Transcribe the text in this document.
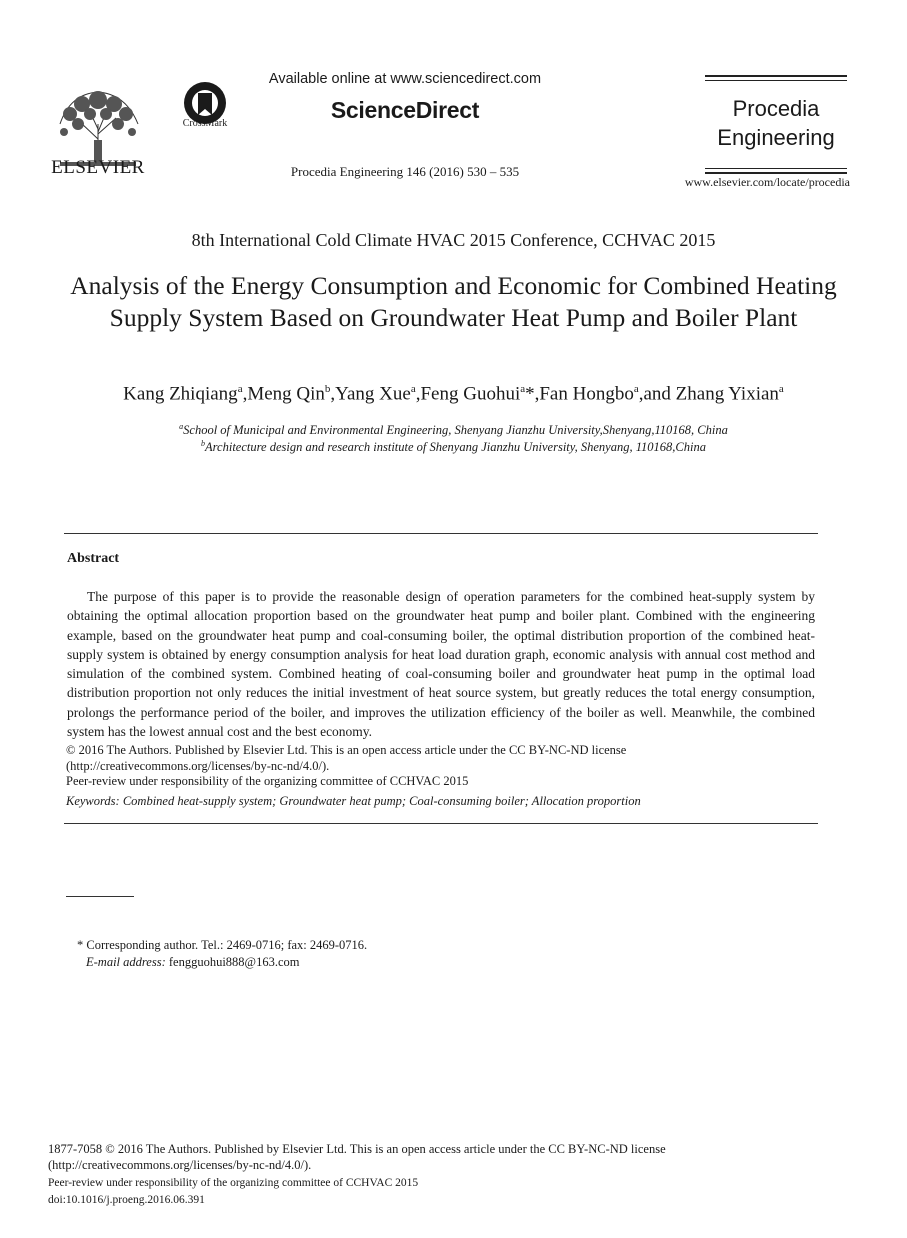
ELSEVIER
CrossMark
Available online at www.sciencedirect.com
ScienceDirect
Procedia Engineering 146 (2016) 530 – 535
Procedia
Engineering
www.elsevier.com/locate/procedia
8th International Cold Climate HVAC 2015 Conference, CCHVAC 2015
Analysis of the Energy Consumption and Economic for Combined Heating Supply System Based on Groundwater Heat Pump and Boiler Plant
Kang Zhiqiang$^a$,Meng Qin$^b$,Yang Xue$^a$,Feng Guohui$^a$*,Fan Hongbo$^a$,and Zhang Yixian$^a$
$^a$School of Municipal and Environmental Engineering, Shenyang Jianzhu University,Shenyang,110168, China
$^b$Architecture design and research institute of Shenyang Jianzhu University, Shenyang, 110168,China
Abstract

The purpose of this paper is to provide the reasonable design of operation parameters for the combined heat-supply system by obtaining the optimal allocation proportion based on the groundwater heat pump and boiler plant. Combined with the engineering example, based on the groundwater heat pump and coal-consuming boiler, the optimal distribution proportion of the combined heat-supply system is obtained by energy consumption analysis for heat load duration graph, economic analysis with annual cost method and simulation of the combined system. Combined heating of coal-consuming boiler and groundwater heat pump in the optimal load distribution proportion not only reduces the initial investment of heat source system, but greatly reduces the total energy consumption, prolongs the performance period of the boiler, and improves the utilization efficiency of the boiler as well. Meanwhile, the combined system has the lowest annual cost and the best economy.

© 2016 The Authors. Published by Elsevier Ltd. This is an open access article under the CC BY-NC-ND license
(http://creativecommons.org/licenses/by-nc-nd/4.0/).
Peer-review under responsibility of the organizing committee of CCHVAC 2015
Keywords: Combined heat-supply system; Groundwater heat pump; Coal-consuming boiler; Allocation proportion
* Corresponding author. Tel.: 2469-0716; fax: 2469-0716.
E-mail address: fengguohui888@163.com
1877-7058 © 2016 The Authors. Published by Elsevier Ltd. This is an open access article under the CC BY-NC-ND license
(http://creativecommons.org/licenses/by-nc-nd/4.0/).
Peer-review under responsibility of the organizing committee of CCHVAC 2015
doi:10.1016/j.proeng.2016.06.391
